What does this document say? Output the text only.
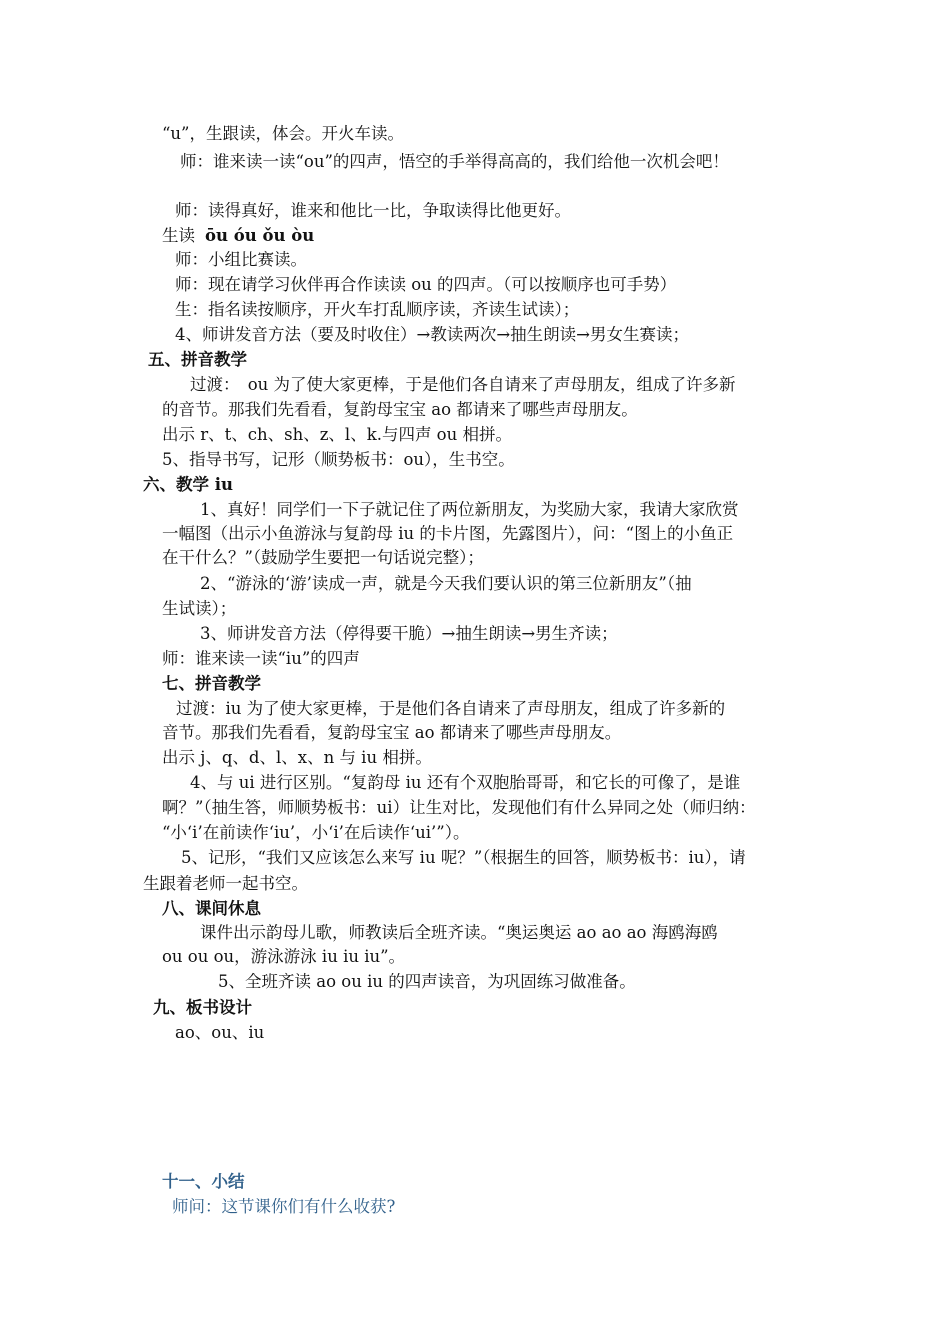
“u”，生跟读，体会。开火车读。
师：谁来读一读“ou”的四声，悟空的手举得高高的，我们给他一次机会吧！
师：读得真好，谁来和他比一比，争取读得比他更好。
生读 ōu óu ǒu òu
师：小组比赛读。
师：现在请学习伙伴再合作读读 ou 的四声。（可以按顺序也可手势）
生：指名读按顺序，开火车打乱顺序读，齐读生试读）；
4、师讲发音方法（要及时收住）→教读两次→抽生朗读→男女生赛读；
五、拼音教学
过渡：　ou 为了使大家更棒，于是他们各自请来了声母朋友，组成了许多新
的音节。那我们先看看，复韵母宝宝 ao 都请来了哪些声母朋友。
出示 r、t、ch、sh、z、l、k.与四声 ou 相拼。
5、指导书写，记形（顺势板书：ou），生书空。
六、教学 iu
1、真好！同学们一下子就记住了两位新朋友，为奖励大家，我请大家欣赏
一幅图（出示小鱼游泳与复韵母 iu 的卡片图，先露图片），问：“图上的小鱼正
在干什么？”（鼓励学生要把一句话说完整）；
2、“游泳的‘游’读成一声，就是今天我们要认识的第三位新朋友”（抽
生试读）；
3、师讲发音方法（停得要干脆）→抽生朗读→男生齐读；
师：谁来读一读“iu”的四声
七、拼音教学
过渡：iu 为了使大家更棒，于是他们各自请来了声母朋友，组成了许多新的
音节。那我们先看看，复韵母宝宝 ao 都请来了哪些声母朋友。
出示 j、q、d、l、x、n 与 iu 相拼。
4、与 ui 进行区别。“复韵母 iu 还有个双胞胎哥哥，和它长的可像了，是谁
啊？”（抽生答，师顺势板书：ui）让生对比，发现他们有什么异同之处（师归纳：
“小‘i’在前读作‘iu’，小‘i’在后读作‘ui’”）。
5、记形，“我们又应该怎么来写 iu 呢？”（根据生的回答，顺势板书：iu），请
生跟着老师一起书空。
八、课间休息
课件出示韵母儿歌，师教读后全班齐读。“奥运奥运 ao ao ao 海鸥海鸥
ou ou ou，游泳游泳 iu iu iu”。
5、全班齐读 ao ou iu 的四声读音，为巩固练习做准备。
九、板书设计
ao、ou、iu
十一、小结
师问：这节课你们有什么收获?
